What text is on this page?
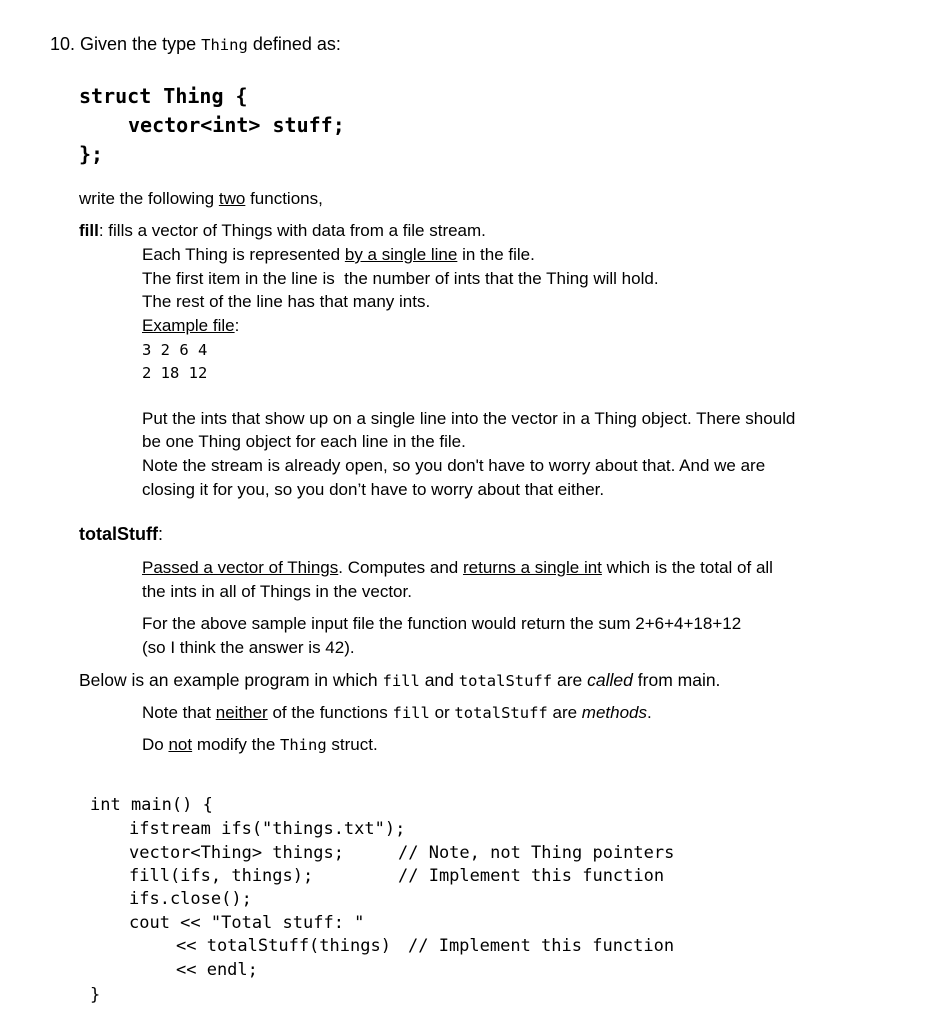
10. Given the type Thing defined as:
struct Thing {
vector<int> stuff;
};
write the following two functions,
fill: fills a vector of Things with data from a file stream.
Each Thing is represented by a single line in the file.
The first item in the line is  the number of ints that the Thing will hold.
The rest of the line has that many ints.
Example file:
3 2 6 4
2 18 12
Put the ints that show up on a single line into the vector in a Thing object. There should
be one Thing object for each line in the file.
Note the stream is already open, so you don't have to worry about that. And we are
closing it for you, so you don’t have to worry about that either.
totalStuff:
Passed a vector of Things. Computes and returns a single int which is the total of all
the ints in all of Things in the vector.
For the above sample input file the function would return the sum 2+6+4+18+12
(so I think the answer is 42).
Below is an example program in which fill and totalStuff are called from main.
Note that neither of the functions fill or totalStuff are methods.
Do not modify the Thing struct.
int main() {
ifstream ifs("things.txt");
vector<Thing> things;	// Note, not Thing pointers
fill(ifs, things);	// Implement this function
ifs.close();
cout << "Total stuff: "
<< totalStuff(things) // Implement this function
<< endl;
}
